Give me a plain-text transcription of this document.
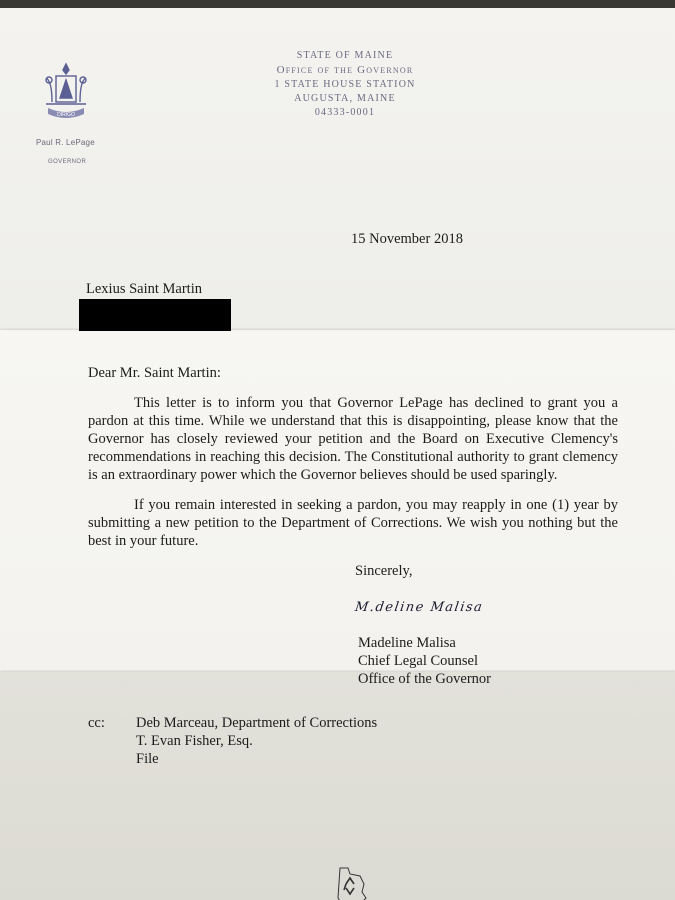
DIRIGO
Paul R. LePage
GOVERNOR
STATE OF MAINE
Office of the Governor
1 STATE HOUSE STATION
AUGUSTA, MAINE
04333-0001
15 November 2018
Lexius Saint Martin
Dear Mr. Saint Martin:
This letter is to inform you that Governor LePage has declined to grant you a pardon at this time. While we understand that this is disappointing, please know that the Governor has closely reviewed your petition and the Board on Executive Clemency's recommendations in reaching this decision. The Constitutional authority to grant clemency is an extraordinary power which the Governor believes should be used sparingly.
If you remain interested in seeking a pardon, you may reapply in one (1) year by submitting a new petition to the Department of Corrections. We wish you nothing but the best in your future.
Sincerely,
M.deline Malisa
Madeline Malisa
Chief Legal Counsel
Office of the Governor
cc: Deb Marceau, Department of Corrections
T. Evan Fisher, Esq.
File
